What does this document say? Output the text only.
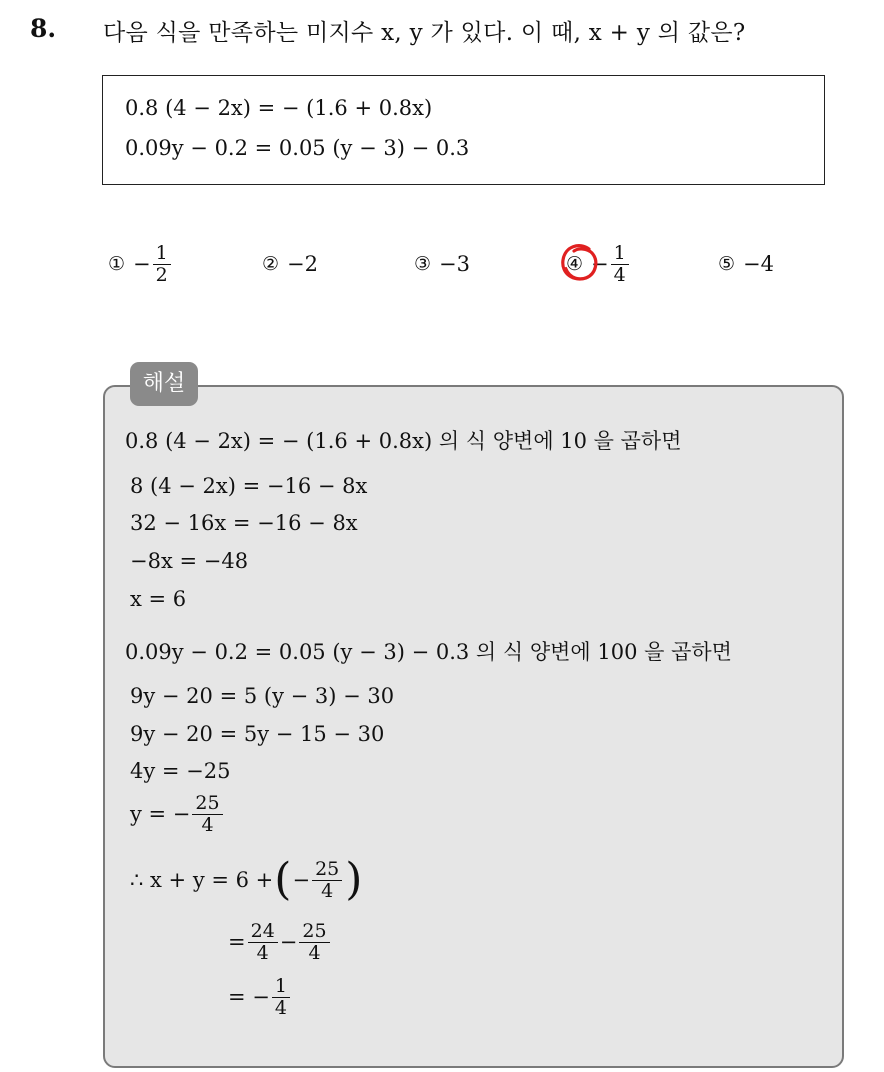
8. 다음 식을 만족하는 미지수 x, y 가 있다. 이 때, x + y 의 값은?
0.8 (4 − 2x) = − (1.6 + 0.8x)
0.09y − 0.2 = 0.05 (y − 3) − 0.3
① − $\frac{1}{2}$	② −2	③ −3	④ − $\frac{1}{4}$	⑤ −4
해설
0.8 (4 − 2x) = − (1.6 + 0.8x) 의 식 양변에 10 을 곱하면
8 (4 − 2x) = −16 − 8x
32 − 16x = −16 − 8x
−8x = −48
x = 6
0.09y − 0.2 = 0.05 (y − 3) − 0.3 의 식 양변에 100 을 곱하면
9y − 20 = 5 (y − 3) − 30
9y − 20 = 5y − 15 − 30
4y = −25
y = − $\frac{25}{4}$
∴ x + y = 6 + ( − $\frac{25}{4}$ )
= $\frac{24}{4} - \frac{25}{4}$
= − $\frac{1}{4}$
